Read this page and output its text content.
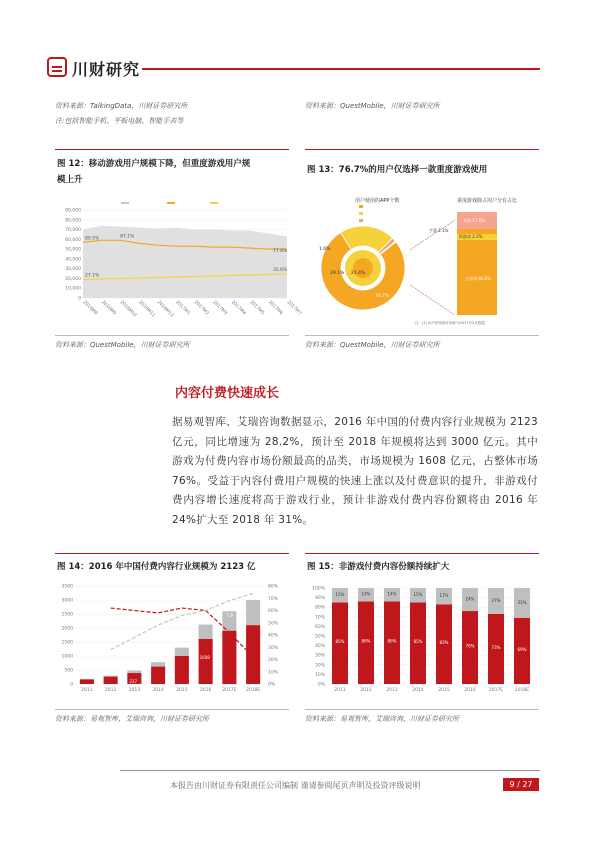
川财研究
资料来源：TalkingData，川财证券研究所
注:包括智能手机、平板电脑、智能手表等
资料来源：QuestMobile，川财证券研究所
图 12：移动游戏用户规模下降，但重度游戏用户规
模上升
0
10,000
20,000
30,000
40,000
50,000
60,000
70,000
80,000
90,000
2016M8 2016M9 2016M10 2016M11 2016M12 2017M1 2017M2 2017M3 2017M4 2017M5 2017M6 2017M7
80.5%	87.1%
27.1%
77.8%
35.6%
资料来源：QuestMobile，川财证券研究所
图 13：76.7%的用户仅选择一款重度游戏使用
用户使用的APP个数	重度游戏除占用户分有占比
76.7%
21.4%
29.1%
1.6%
其他 17.6%
手游 1.1%
跨游戏 2.2%
主游戏 80.6%
注：(1) 用户使用统计指标为2017年2月数据
资料来源：QuestMobile，川财证券研究所
内容付费快速成长
据易观智库、艾瑞咨询数据显示，2016 年中国的付费内容行业规模为 2123 亿元，同比增速为 28.2%，预计至 2018 年规模将达到 3000 亿元。其中游戏为付费内容市场份额最高的品类，市场规模为 1608 亿元，占整体市场 76%。受益于内容付费用户规模的快速上涨以及付费意识的提升，非游戏付费内容增长速度将高于游戏行业，预计非游戏付费内容份额将由 2016 年 24%扩大至 2018 年 31%。
图 14：2016 年中国付费内容行业规模为 2123 亿
0
500
1000
1500
2000
2500
3000
3500
0%
10%
20%
30%
40%
50%
60%
70%
80%
2011	2012	2013	2014	2015	2016 2017E 2018E
237
1608
7.8
资料来源：易观智库，艾瑞咨询，川财证券研究所
图 15：非游戏付费内容份额持续扩大
0%
10%
20%
30%
40%
50%
60%
70%
80%
90%
100%
2011	2012	2013	2014	2015	2016	2017E	2018E
85%
15%
86%
14%
86%
14%
85%
15%
83%
17%
76%
24%
73%
27%
69%
31%
资料来源：易观智库，艾瑞咨询，川财证券研究所
本报告由川财证券有限责任公司编制 谨请参阅尾页声明及投资评级说明	9 / 27
